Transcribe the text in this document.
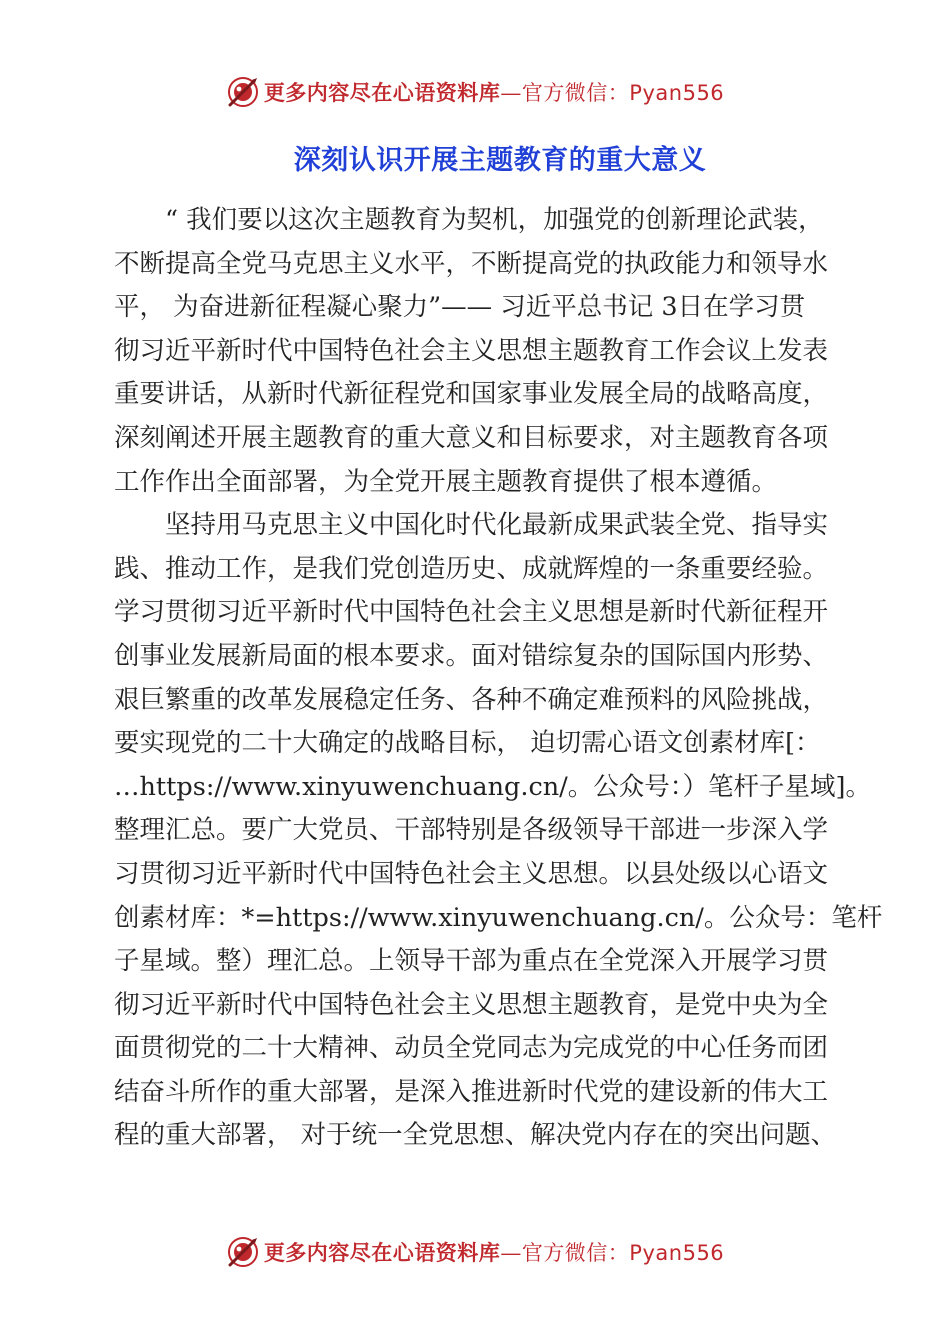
更多内容尽在心语资料库—官方微信：Pyan556
深刻认识开展主题教育的重大意义

“ 我们要以这次主题教育为契机，加强党的创新理论武装，

不断提高全党马克思主义水平，不断提高党的执政能力和领导水

平， 为奋进新征程凝心聚力”—— 习近平总书记 3日在学习贯

彻习近平新时代中国特色社会主义思想主题教育工作会议上发表

重要讲话，从新时代新征程党和国家事业发展全局的战略高度，

深刻阐述开展主题教育的重大意义和目标要求，对主题教育各项

工作作出全面部署，为全党开展主题教育提供了根本遵循。

坚持用马克思主义中国化时代化最新成果武装全党、指导实

践、推动工作，是我们党创造历史、成就辉煌的一条重要经验。

学习贯彻习近平新时代中国特色社会主义思想是新时代新征程开

创事业发展新局面的根本要求。面对错综复杂的国际国内形势、

艰巨繁重的改革发展稳定任务、各种不确定难预料的风险挑战，

要实现党的二十大确定的战略目标， 迫切需心语文创素材库[：

…https://www.xinyuwenchuang.cn/。公众号：）笔杆子星域]。

整理汇总。要广大党员、干部特别是各级领导干部进一步深入学

习贯彻习近平新时代中国特色社会主义思想。以县处级以心语文

创素材库：*=https://www.xinyuwenchuang.cn/。公众号：笔杆

子星域。整）理汇总。上领导干部为重点在全党深入开展学习贯

彻习近平新时代中国特色社会主义思想主题教育，是党中央为全

面贯彻党的二十大精神、动员全党同志为完成党的中心任务而团

结奋斗所作的重大部署，是深入推进新时代党的建设新的伟大工

程的重大部署， 对于统一全党思想、解决党内存在的突出问题、

更多内容尽在心语资料库—官方微信：Pyan556
